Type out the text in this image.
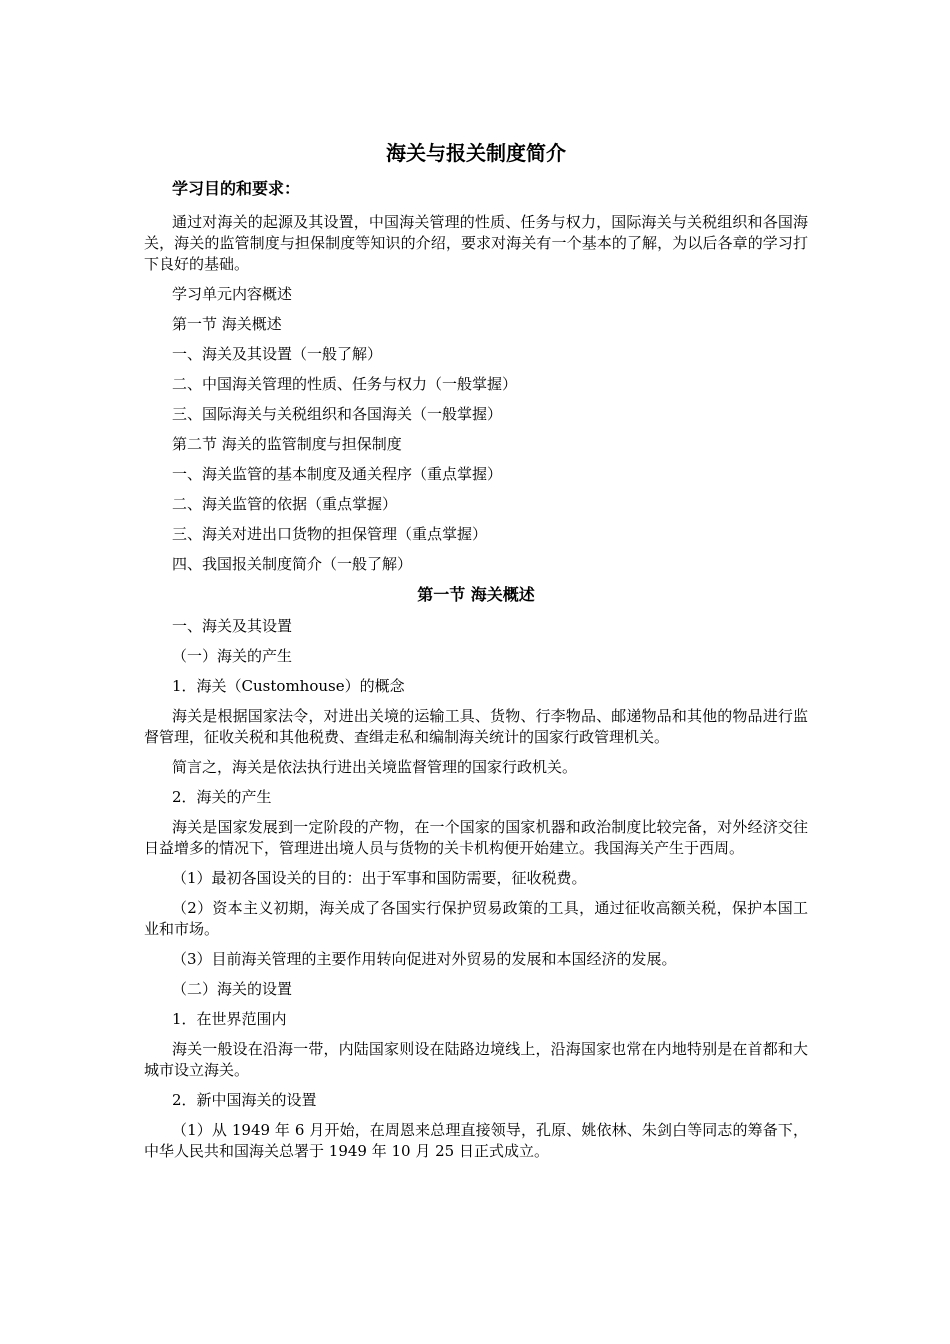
海关与报关制度简介
学习目的和要求：

通过对海关的起源及其设置，中国海关管理的性质、任务与权力，国际海关与关税组织和各国海关，海关的监管制度与担保制度等知识的介绍，要求对海关有一个基本的了解，为以后各章的学习打下良好的基础。

学习单元内容概述

第一节 海关概述

一、海关及其设置（一般了解）

二、中国海关管理的性质、任务与权力（一般掌握）

三、国际海关与关税组织和各国海关（一般掌握）

第二节 海关的监管制度与担保制度

一、海关监管的基本制度及通关程序（重点掌握）

二、海关监管的依据（重点掌握）

三、海关对进出口货物的担保管理（重点掌握）

四、我国报关制度简介（一般了解）

第一节 海关概述

一、海关及其设置

（一）海关的产生

1．海关（Customhouse）的概念

海关是根据国家法令，对进出关境的运输工具、货物、行李物品、邮递物品和其他的物品进行监督管理，征收关税和其他税费、查缉走私和编制海关统计的国家行政管理机关。

简言之，海关是依法执行进出关境监督管理的国家行政机关。

2．海关的产生

海关是国家发展到一定阶段的产物，在一个国家的国家机器和政治制度比较完备，对外经济交往日益增多的情况下，管理进出境人员与货物的关卡机构便开始建立。我国海关产生于西周。

（1）最初各国设关的目的：出于军事和国防需要，征收税费。

（2）资本主义初期，海关成了各国实行保护贸易政策的工具，通过征收高额关税，保护本国工业和市场。

（3）目前海关管理的主要作用转向促进对外贸易的发展和本国经济的发展。

（二）海关的设置

1．在世界范围内

海关一般设在沿海一带，内陆国家则设在陆路边境线上，沿海国家也常在内地特别是在首都和大城市设立海关。

2．新中国海关的设置

（1）从 1949 年 6 月开始，在周恩来总理直接领导，孔原、姚依林、朱剑白等同志的筹备下，中华人民共和国海关总署于 1949 年 10 月 25 日正式成立。
